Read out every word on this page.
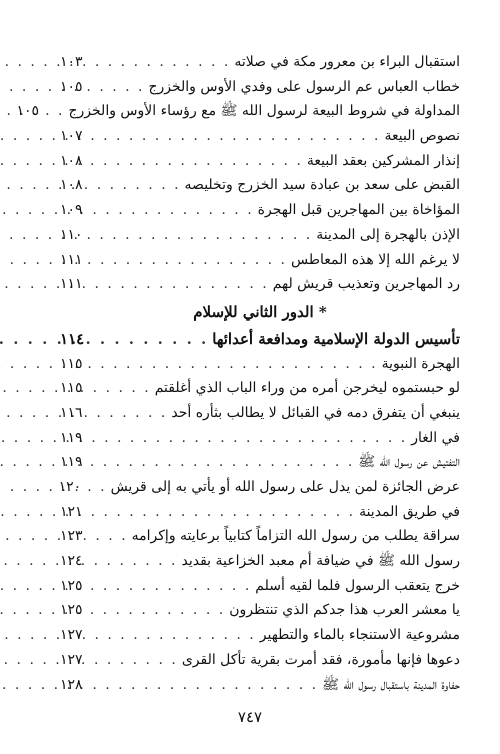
استقبال البراء بن معرور مكة في صلاته
. . .
١٠٣
خطاب العباس عم الرسول على وفدي الأوس والخزرج
. . .
١٠٥
المداولة في شروط البيعة لرسول الله ﷺ مع رؤساء الأوس والخزرج
. . .
١٠٥
نصوص البيعة
. . .
١٠٧
إنذار المشركين بعقد البيعة
. . .
١٠٨
القبض على سعد بن عبادة سيد الخزرج وتخليصه
. . .
١٠٨
المؤاخاة بين المهاجرين قبل الهجرة
. . .
١٠٩
الإذن بالهجرة إلى المدينة
. . .
١١٠
لا يرغم الله إلا هذه المعاطس
. . .
١١١
رد المهاجرين وتعذيب قريش لهم
. . .
١١١
* الدور الثاني للإسلام
تأسيس الدولة الإسلامية ومدافعة أعدائها
. . .
١١٤
الهجرة النبوية
. . .
١١٥
لو حبستموه ليخرجن أمره من وراء الباب الذي أغلقتم
. . .
١١٥
ينبغي أن يتفرق دمه في القبائل لا يطالب بثأره أحد
. . .
١١٦
في الغار
. . .
١١٩
التفتيش عن رسول الله ﷺ
. . .
١١٩
عرض الجائزة لمن يدل على رسول الله أو يأتي به إلى قريش
. . .
١٢٠
في طريق المدينة
. . .
١٢١
سراقة يطلب من رسول الله التزاماً كتابياً برعايته وإكرامه
. . .
١٢٣
رسول الله ﷺ في ضيافة أم معبد الخزاعية بقديد
. . .
١٢٤
خرج يتعقب الرسول فلما لقيه أسلم
. . .
١٢٥
يا معشر العرب هذا جدكم الذي تنتظرون
. . .
١٢٥
مشروعية الاستنجاء بالماء والتطهير
. . .
١٢٧
دعوها فإنها مأمورة، فقد أمرت بقرية تأكل القرى
. . .
١٢٧
حفاوة المدينة باستقبال رسول الله ﷺ
. . .
١٢٨
٧٤٧
